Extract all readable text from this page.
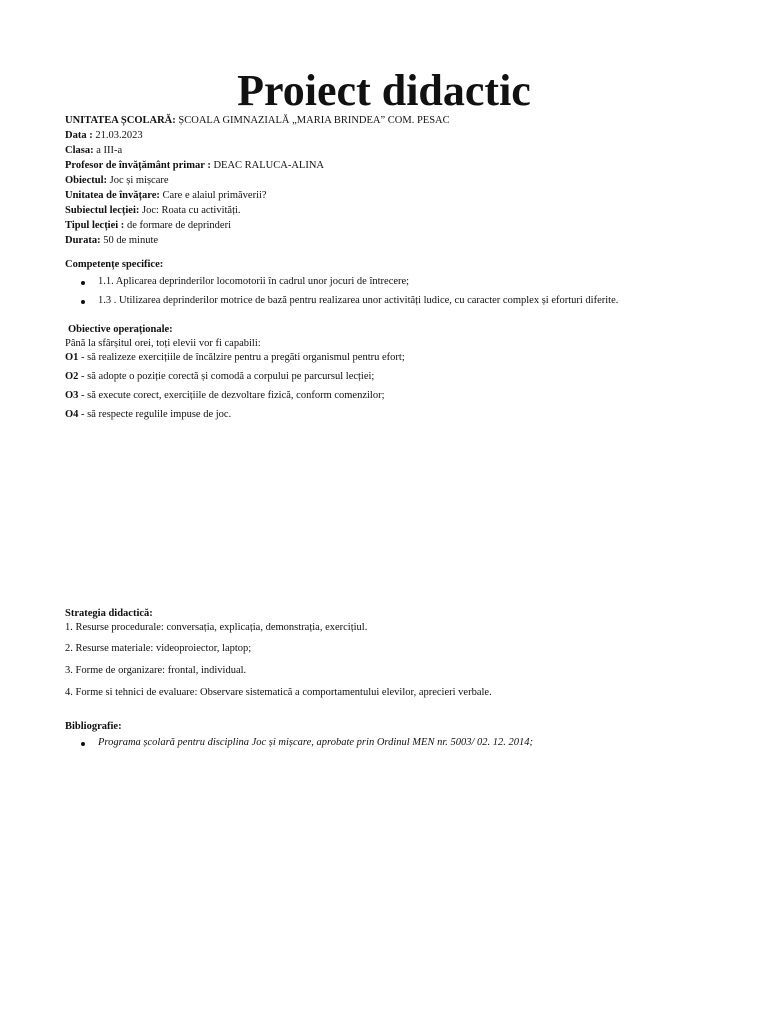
Proiect didactic
UNITATEA ȘCOLARĂ: ȘCOALA GIMNAZIALĂ „MARIA BRINDEA” COM. PESAC
Data : 21.03.2023
Clasa: a III-a
Profesor de învățământ primar : DEAC RALUCA-ALINA
Obiectul: Joc și mișcare
Unitatea de învățare: Care e alaiul primăverii?
Subiectul lecției: Joc: Roata cu activități.
Tipul lecției : de formare de deprinderi
Durata: 50 de minute
Competențe specifice:
1.1. Aplicarea deprinderilor locomotorii în cadrul unor jocuri de întrecere;
1.3 . Utilizarea deprinderilor motrice de bază pentru realizarea unor activități ludice, cu caracter complex și eforturi diferite.
Obiective operaționale:
Până la sfârșitul orei, toți elevii vor fi capabili:
O1 - să realizeze exercițiile de încălzire pentru a pregăti organismul pentru efort;
O2 - să adopte o poziție corectă și comodă a corpului pe parcursul lecției;
O3 - să execute corect, exercițiile de dezvoltare fizică, conform comenzilor;
O4 - să respecte regulile impuse de joc.
Strategia didactică:
1. Resurse procedurale: conversația, explicația, demonstrația, exercițiul.
2. Resurse materiale: videoproiector, laptop;
3. Forme de organizare: frontal, individual.
4. Forme si tehnici de evaluare: Observare sistematică a comportamentului elevilor, aprecieri verbale.
Bibliografie:
Programa școlară pentru disciplina Joc și mișcare, aprobate prin Ordinul MEN nr. 5003/ 02. 12. 2014;
